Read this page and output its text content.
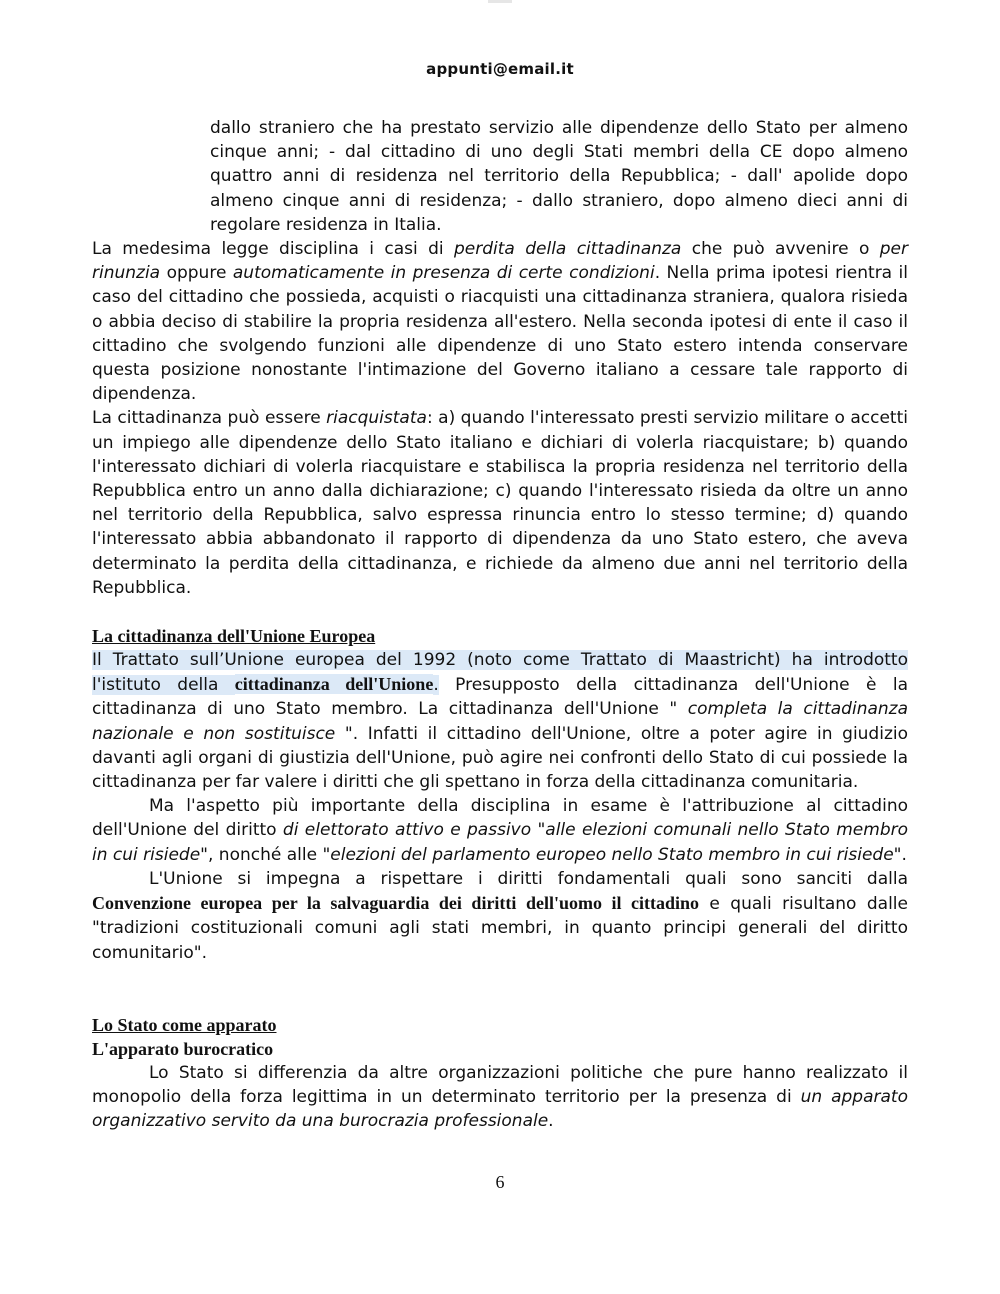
appunti@email.it

dallo straniero che ha prestato servizio alle dipendenze dello Stato per almeno cinque anni; - dal cittadino di uno degli Stati membri della CE dopo almeno quattro anni di residenza nel territorio della Repubblica; - dall' apolide dopo almeno cinque anni di residenza; - dallo straniero, dopo almeno dieci anni di regolare residenza in Italia.

La medesima legge disciplina i casi di perdita della cittadinanza che può avvenire o per rinunzia oppure automaticamente in presenza di certe condizioni. Nella prima ipotesi rientra il caso del cittadino che possieda, acquisti o riacquisti una cittadinanza straniera, qualora risieda o abbia deciso di stabilire la propria residenza all'estero. Nella seconda ipotesi di ente il caso il cittadino che svolgendo funzioni alle dipendenze di uno Stato estero intenda conservare questa posizione nonostante l'intimazione del Governo italiano a cessare tale rapporto di dipendenza.

La cittadinanza può essere riacquistata: a) quando l'interessato presti servizio militare o accetti un impiego alle dipendenze dello Stato italiano e dichiari di volerla riacquistare; b) quando l'interessato dichiari di volerla riacquistare e stabilisca la propria residenza nel territorio della Repubblica entro un anno dalla dichiarazione; c) quando l'interessato risieda da oltre un anno nel territorio della Repubblica, salvo espressa rinuncia entro lo stesso termine; d) quando l'interessato abbia abbandonato il rapporto di dipendenza da uno Stato estero, che aveva determinato la perdita della cittadinanza, e richiede da almeno due anni nel territorio della Repubblica.

La cittadinanza dell'Unione Europea

Il Trattato sull’Unione europea del 1992 (noto come Trattato di Maastricht) ha introdotto l'istituto della cittadinanza dell'Unione. Presupposto della cittadinanza dell'Unione è la cittadinanza di uno Stato membro. La cittadinanza dell'Unione " completa la cittadinanza nazionale e non sostituisce ". Infatti il cittadino dell'Unione, oltre a poter agire in giudizio davanti agli organi di giustizia dell'Unione, può agire nei confronti dello Stato di cui possiede la cittadinanza per far valere i diritti che gli spettano in forza della cittadinanza comunitaria.

Ma l'aspetto più importante della disciplina in esame è l'attribuzione al cittadino dell'Unione del diritto di elettorato attivo e passivo "alle elezioni comunali nello Stato membro in cui risiede", nonché alle "elezioni del parlamento europeo nello Stato membro in cui risiede".

L'Unione si impegna a rispettare i diritti fondamentali quali sono sanciti dalla Convenzione europea per la salvaguardia dei diritti dell'uomo il cittadino e quali risultano dalle "tradizioni costituzionali comuni agli stati membri, in quanto principi generali del diritto comunitario".

Lo Stato come apparato
L'apparato burocratico

Lo Stato si differenzia da altre organizzazioni politiche che pure hanno realizzato il monopolio della forza legittima in un determinato territorio per la presenza di un apparato organizzativo servito da una burocrazia professionale.

6
